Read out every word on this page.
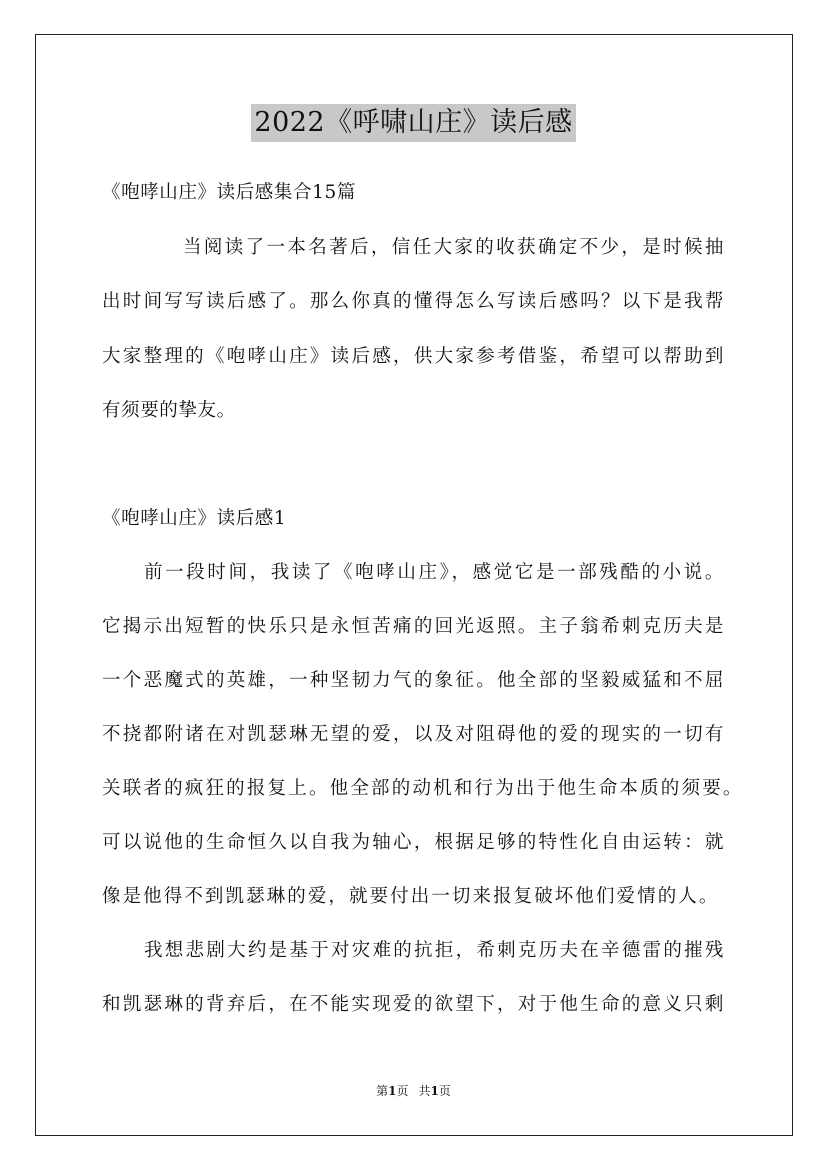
2022《呼啸山庄》读后感
《咆哮山庄》读后感集合15篇
当阅读了一本名著后，信任大家的收获确定不少，是时候抽
出时间写写读后感了。那么你真的懂得怎么写读后感吗？以下是我帮
大家整理的《咆哮山庄》读后感，供大家参考借鉴，希望可以帮助到
有须要的挚友。
《咆哮山庄》读后感1
前一段时间，我读了《咆哮山庄》，感觉它是一部残酷的小说。
它揭示出短暂的快乐只是永恒苦痛的回光返照。主子翁希刺克历夫是
一个恶魔式的英雄，一种坚韧力气的象征。他全部的坚毅威猛和不屈
不挠都附诸在对凯瑟琳无望的爱，以及对阻碍他的爱的现实的一切有
关联者的疯狂的报复上。他全部的动机和行为出于他生命本质的须要。
可以说他的生命恒久以自我为轴心，根据足够的特性化自由运转：就
像是他得不到凯瑟琳的爱，就要付出一切来报复破坏他们爱情的人。
我想悲剧大约是基于对灾难的抗拒，希刺克历夫在辛德雷的摧残
和凯瑟琳的背弃后，在不能实现爱的欲望下，对于他生命的意义只剩
第1页 共1页
